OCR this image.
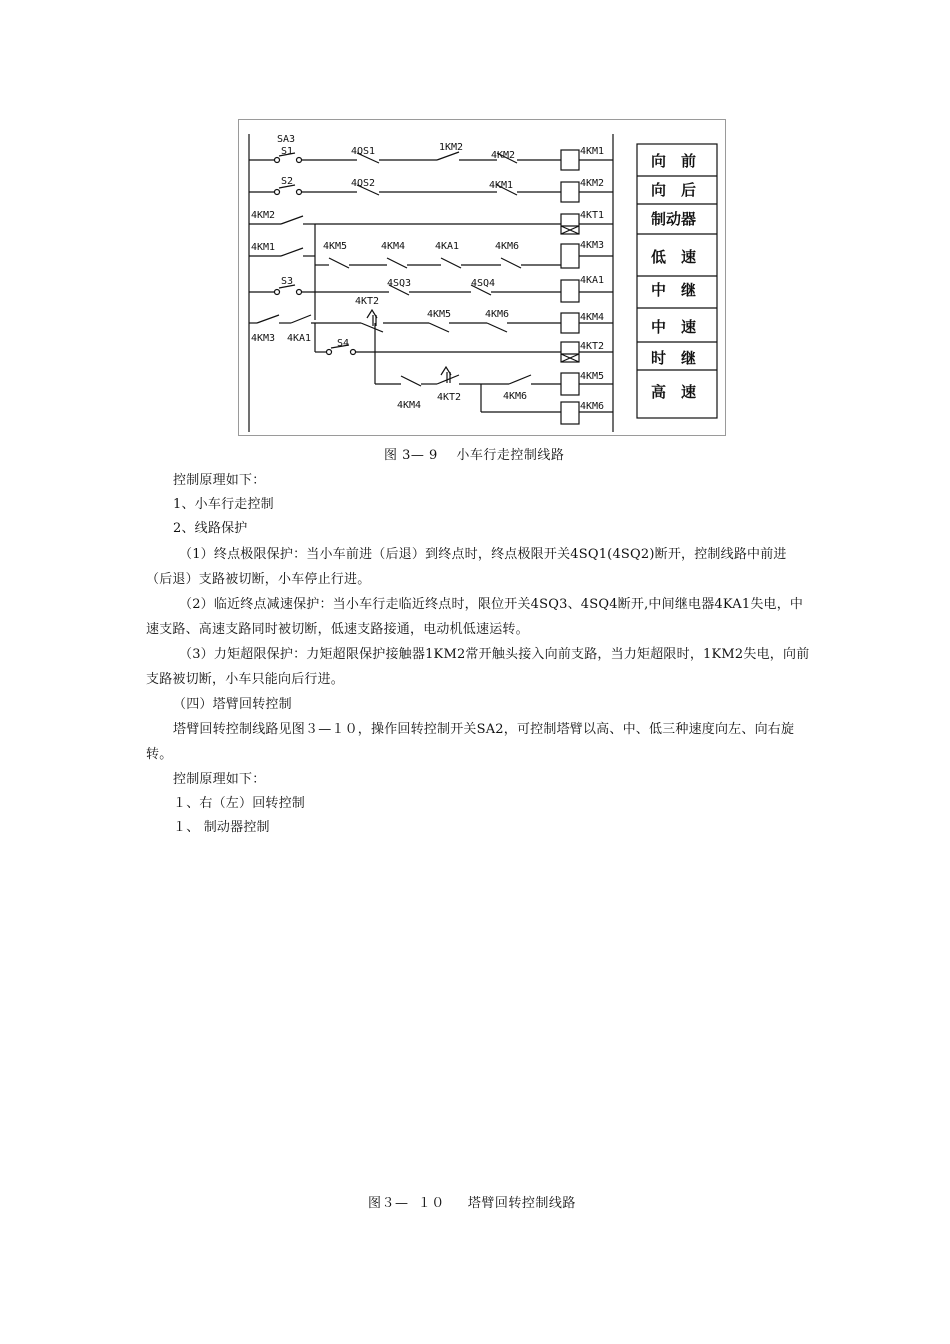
SA3
S1	4QS1	1KM2
4KM2
S2	4QS2	4KM1
4KM2
4KM1	4KM5	4KM4	4KA1	4KM6
S3	4SQ3	4SQ4
4KT2
4KM5	4KM6
4KM3 4KA1	S4
4KT2
4KM4
4KM6
4KM1
4KM2
4KT1
4KM3
4KA1
4KM4
4KT2
4KM5
4KM6
向　前
向　后
制动器
低　速
中　继
中　速
时　继
高　速
图 3— 9    小车行走控制线路
控制原理如下：
1、小车行走控制
2、线路保护
（1）终点极限保护：当小车前进（后退）到终点时，终点极限开关4SQ1(4SQ2)断开，控制线路中前进（后退）支路被切断，小车停止行进。
（2）临近终点减速保护：当小车行走临近终点时，限位开关4SQ3、4SQ4断开,中间继电器4KA1失电，中速支路、高速支路同时被切断，低速支路接通，电动机低速运转。
（3）力矩超限保护：力矩超限保护接触器1KM2常开触头接入向前支路，当力矩超限时，1KM2失电，向前支路被切断，小车只能向后行进。
（四）塔臂回转控制
塔臂回转控制线路见图３—１０，操作回转控制开关SA2，可控制塔臂以高、中、低三种速度向左、向右旋转。
控制原理如下：
１、右（左）回转控制
１、 制动器控制
图３—  １０     塔臂回转控制线路
